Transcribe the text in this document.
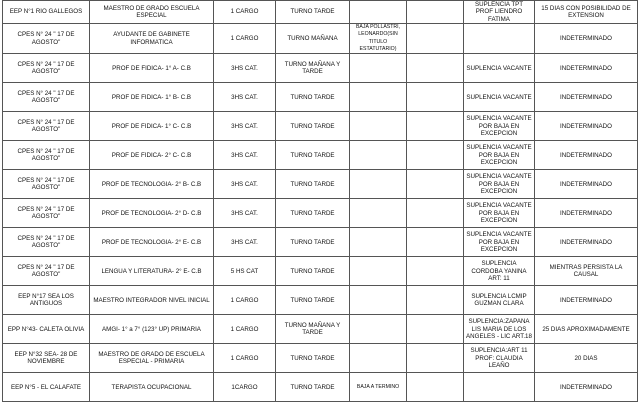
EEP N°1 RIO GALLEGOS	MAESTRO DE GRADO ESCUELA ESPECIAL	1 CARGO	TURNO TARDE			SUPLENCIA TPT PROF LIENDRO FATIMA	15 DIAS CON POSIBILIDAD DE EXTENSION
CPES N° 24 " 17 DE AGOSTO"	AYUDANTE DE GABINETE INFORMATICA	1 CARGO	TURNO MAÑANA	BAJA POLLASTRI, LEONARDO(SIN TITULO ESTATUTARIO)			INDETERMINADO
CPES N° 24 " 17 DE AGOSTO"	PROF DE FIDICA- 1° A- C.B	3HS CAT.	TURNO MAÑANA Y TARDE			SUPLENCIA VACANTE	INDETERMINADO
CPES N° 24 " 17 DE AGOSTO"	PROF DE FIDICA- 1° B- C.B	3HS CAT.	TURNO TARDE			SUPLENCIA VACANTE	INDETERMINADO
CPES N° 24 " 17 DE AGOSTO"	PROF DE FIDICA- 1° C- C.B	3HS CAT.	TURNO TARDE			SUPLENCIA VACANTE POR BAJA EN EXCEPCION	INDETERMINADO
CPES N° 24 " 17 DE AGOSTO"	PROF DE FIDICA- 2° C- C.B	3HS CAT.	TURNO TARDE			SUPLENCIA VACANTE POR BAJA EN EXCEPCION	INDETERMINADO
CPES N° 24 " 17 DE AGOSTO"	PROF DE TECNOLOGIA- 2° B- C.B	3HS CAT.	TURNO TARDE			SUPLENCIA VACANTE POR BAJA EN EXCEPCION	INDETERMINADO
CPES N° 24 " 17 DE AGOSTO"	PROF DE TECNOLOGIA- 2° D- C.B	3HS CAT.	TURNO TARDE			SUPLENCIA VACANTE POR BAJA EN EXCEPCION	INDETERMINADO
CPES N° 24 " 17 DE AGOSTO"	PROF DE TECNOLOGIA- 2° E- C.B	3HS CAT.	TURNO TARDE			SUPLENCIA VACANTE POR BAJA EN EXCEPCION	INDETERMINADO
CPES N° 24 " 17 DE AGOSTO"	LENGUA Y LITERATURA- 2° E- C.B	5 HS CAT	TURNO TARDE			SUPLENCIA CORDOBA YANINA ART: 11	MIENTRAS PERSISTA LA CAUSAL
EEP N°17 SEA LOS ANTIGUOS	MAESTRO INTEGRADOR NIVEL INICIAL	1 CARGO	TURNO TARDE			SUPLENCIA LCMIP GUZMAN CLARA	INDETERMINADO
EPP N°43- CALETA OLIVIA	AMGI- 1° a 7° (123° UP) PRIMARIA	1 CARGO	TURNO MAÑANA Y TARDE			SUPLENCIA:ZAPANA LIS MARIA DE LOS ANGELES - LIC ART.18	25 DIAS APROXIMADAMENTE
EEP N°32 SEA- 28 DE NOVIEMBRE	MAESTRO DE GRADO DE ESCUELA ESPECIAL - PRIMARIA	1 CARGO	TURNO TARDE			SUPLENCIA:ART 11 PROF: CLAUDIA LEAÑO	20 DIAS
EEP N°5 - EL CALAFATE	TERAPISTA OCUPACIONAL	1CARGO	TURNO TARDE	BAJA A TERMINO			INDETERMINADO
